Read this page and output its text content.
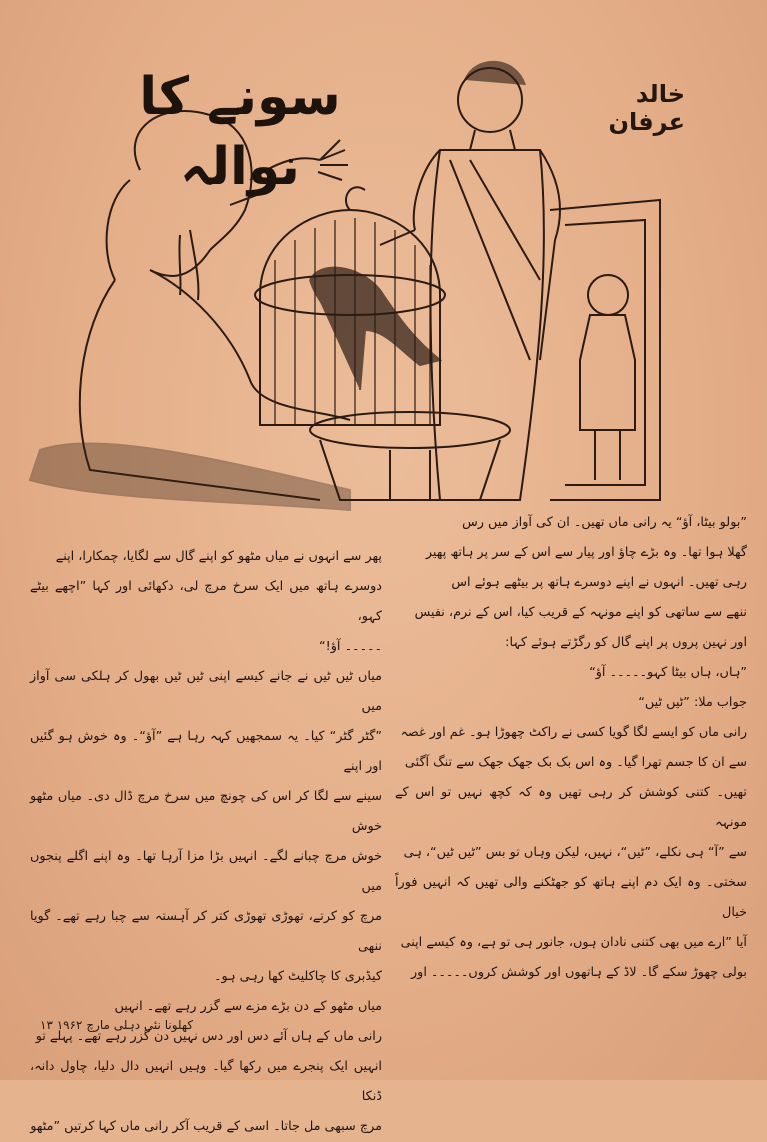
سونے کا نوالہ
خالد عرفان

”بولو بیٹا، آؤ“ یہ رانی ماں تھیں۔ ان کی آواز میں رس

گھلا ہوا تھا۔ وہ بڑے چاؤ اور پیار سے اس کے سر پر ہاتھ پھیر

رہی تھیں۔ انہوں نے اپنے دوسرے ہاتھ پر بیٹھے ہوئے اس

ننھے سے ساتھی کو اپنے مونہہ کے قریب کیا، اس کے نرم، نفیس

اور نہین پروں پر اپنے گال کو رگڑتے ہوئے کہا:

”ہاں، ہاں بیٹا کہو۔۔۔۔۔ آؤ“

جواب ملا: ”ٹیں ٹیں“

رانی ماں کو ایسے لگا گویا کسی نے راکٹ چھوڑا ہو۔ غم اور غصہ

سے ان کا جسم تھرا گیا۔ وہ اس بک بک جھک جھک سے تنگ آگئی

تھیں۔ کتنی کوشش کر رہی تھیں وہ کہ کچھ نہیں تو اس کے مونہہ

سے ”آ“ ہی نکلے، ”ٹیں“، نہیں، لیکن وہاں تو بس ”ٹیں ٹیں“، ہی

سختی۔ وہ ایک دم اپنے ہاتھ کو جھٹکنے والی تھیں کہ انہیں فوراً خیال

آیا ”ارے میں بھی کتنی نادان ہوں، جانور ہی تو ہے، وہ کیسے اپنی

بولی چھوڑ سکے گا۔ لاڈ کے ہاتھوں اور کوشش کروں۔۔۔۔۔ اور

پھر سے انہوں نے میاں مٹھو کو اپنے گال سے لگایا، چمکارا، اپنے

دوسرے ہاتھ میں ایک سرخ مرچ لی، دکھائی اور کہا ”اچھے بیٹے کہو،

۔۔۔۔۔ آؤ!“

میاں ٹیں ٹیں نے جانے کیسے اپنی ٹیں ٹیں بھول کر ہلکی سی آواز میں

”گٹر گٹر“ کیا۔ یہ سمجھیں کہہ رہا ہے ”آؤ“۔ وہ خوش ہو گئیں اور اپنے

سینے سے لگا کر اس کی چونچ میں سرخ مرچ ڈال دی۔ میاں مٹھو خوش

خوش مرچ چبانے لگے۔ انہیں بڑا مزا آرہا تھا۔ وہ اپنے اگلے پنجوں میں

مرچ کو کرتے، تھوڑی تھوڑی کتر کر آہستہ سے چبا رہے تھے۔ گویا ننھی

کیڈبری کا چاکلیٹ کھا رہی ہو۔

میاں مٹھو کے دن بڑے مزے سے گزر رہے تھے۔ انہیں

رانی ماں کے ہاں آئے دس اور دس نہیں دن گزر رہے تھے۔ پہلے تو

انہیں ایک پنجرے میں رکھا گیا۔ وہیں انہیں دال دلیا، چاول دانہ، ڈنکا

مرچ سبھی مل جاتا۔ اسی کے قریب آکر رانی ماں کہا کرتیں ”مٹھو

کھلونا نئی دہلی مارچ ۱۹۶۲ ۱۳
